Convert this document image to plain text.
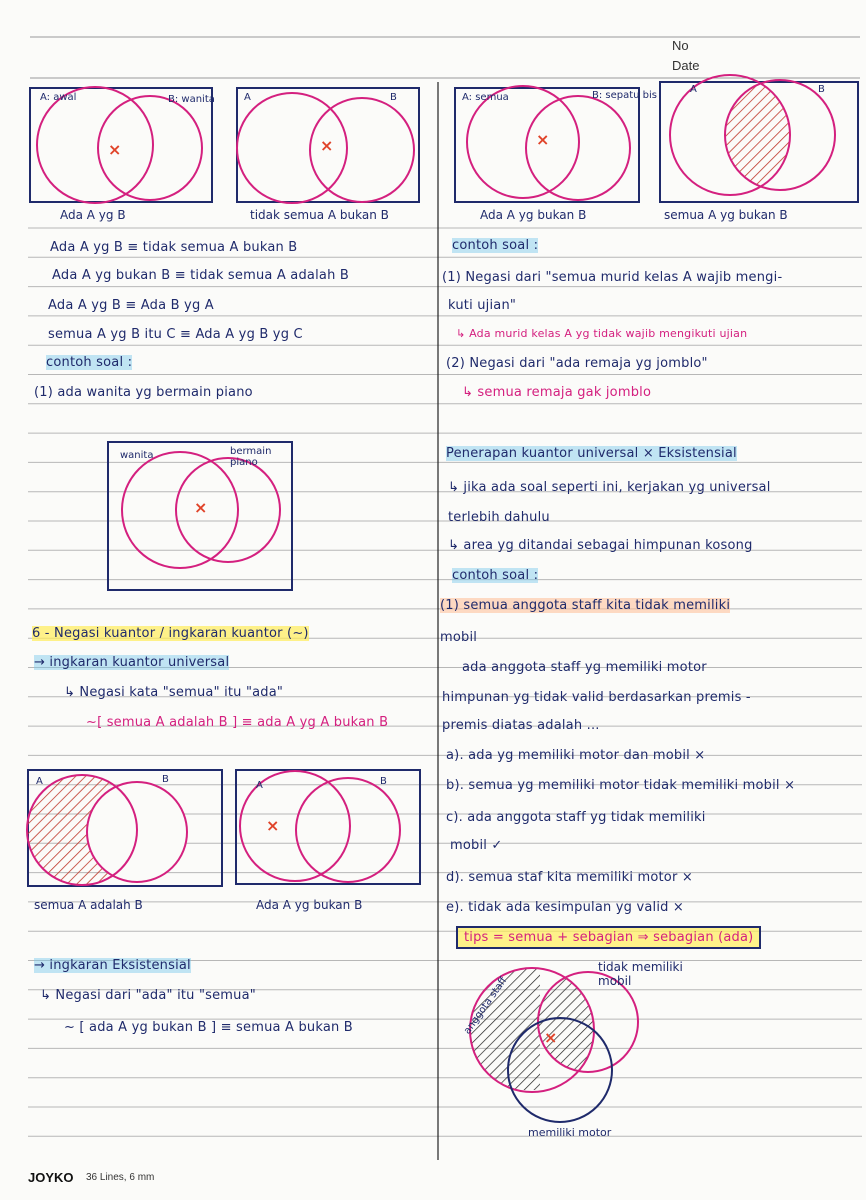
No
Date
A: awal	B: wanita
×
Ada A yg B
A	B
×
tidak semua A bukan B
A: semua	B: sepatu bis
×
Ada A yg bukan B
A	B
semua A yg bukan B
Ada A yg B ≡ tidak semua A bukan B
Ada A yg bukan B ≡ tidak semua A adalah B
Ada A yg B ≡ Ada B yg A
semua A yg B itu C ≡ Ada A yg B yg C
contoh soal :
(1) ada wanita yg bermain piano
wanita	bermain piano
×
6 - Negasi kuantor / ingkaran kuantor (~)
→ ingkaran kuantor universal
↳ Negasi kata "semua" itu "ada"
~[ semua A adalah B ] ≡ ada A yg A bukan B
A	B
semua A adalah B
A	B
×
Ada A yg bukan B
→ ingkaran Eksistensial
↳ Negasi dari "ada" itu "semua"
~ [ ada A yg bukan B ] ≡ semua A bukan B
contoh soal :
(1) Negasi dari "semua murid kelas A wajib mengi-
kuti ujian"
↳ Ada murid kelas A yg tidak wajib mengikuti ujian
(2) Negasi dari "ada remaja yg jomblo"
↳ semua remaja gak jomblo
Penerapan kuantor universal × Eksistensial
↳ jika ada soal seperti ini, kerjakan yg universal
terlebih dahulu
↳ area yg ditandai sebagai himpunan kosong
contoh soal :
(1) semua anggota staff kita tidak memiliki
mobil
ada anggota staff yg memiliki motor
himpunan yg tidak valid berdasarkan premis -
premis diatas adalah ...
a). ada yg memiliki motor dan mobil ×
b). semua yg memiliki motor tidak memiliki mobil ×
c). ada anggota staff yg tidak memiliki
mobil ✓
d). semua staf kita memiliki motor ×
e). tidak ada kesimpulan yg valid ×
tips = semua + sebagian ⇒ sebagian (ada)
anggota staff
tidak memiliki mobil
×
memiliki motor
JOYKO 36 Lines, 6 mm
